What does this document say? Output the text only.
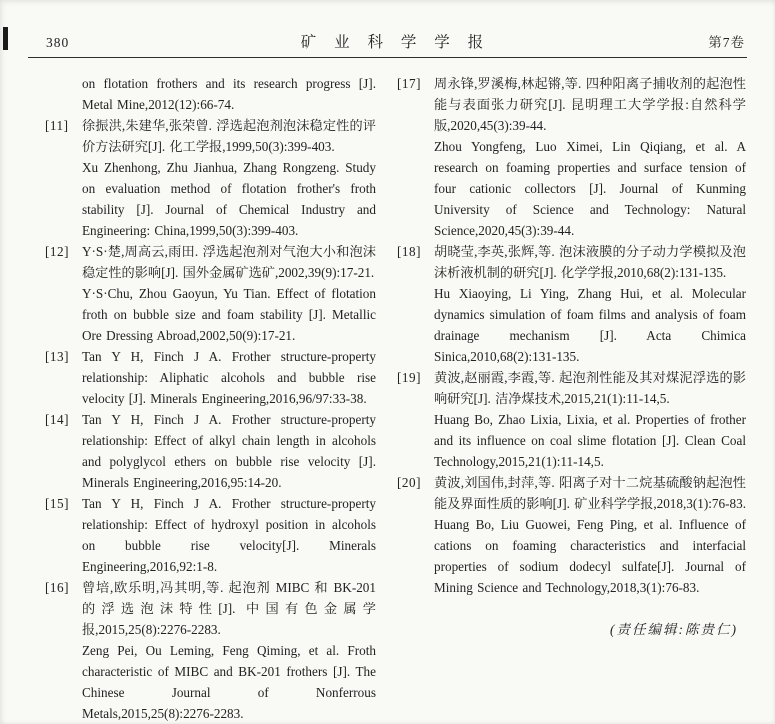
380	矿 业 科 学 学 报	第7卷

on flotation frothers and its research progress [J]. Metal Mine,2012(12):66-74.

[11] 徐振洪,朱建华,张荣曾. 浮选起泡剂泡沫稳定性的评价方法研究[J]. 化工学报,1999,50(3):399-403.

Xu Zhenhong, Zhu Jianhua, Zhang Rongzeng. Study on evaluation method of flotation frother's froth stability [J]. Journal of Chemical Industry and Engineering: China,1999,50(3):399-403.

[12] Y·S·楚,周高云,雨田. 浮选起泡剂对气泡大小和泡沫稳定性的影响[J]. 国外金属矿选矿,2002,39(9):17-21.

Y·S·Chu, Zhou Gaoyun, Yu Tian. Effect of flotation froth on bubble size and foam stability [J]. Metallic Ore Dressing Abroad,2002,50(9):17-21.

[13] Tan Y H, Finch J A. Frother structure-property relationship: Aliphatic alcohols and bubble rise velocity [J]. Minerals Engineering,2016,96/97:33-38.

[14] Tan Y H, Finch J A. Frother structure-property relationship: Effect of alkyl chain length in alcohols and polyglycol ethers on bubble rise velocity [J]. Minerals Engineering,2016,95:14-20.

[15] Tan Y H, Finch J A. Frother structure-property relationship: Effect of hydroxyl position in alcohols on bubble rise velocity[J]. Minerals Engineering,2016,92:1-8.

[16] 曾培,欧乐明,冯其明,等. 起泡剂 MIBC 和 BK-201 的浮选泡沫特性[J]. 中国有色金属学报,2015,25(8):2276-2283.

Zeng Pei, Ou Leming, Feng Qiming, et al. Froth characteristic of MIBC and BK-201 frothers [J]. The Chinese Journal of Nonferrous Metals,2015,25(8):2276-2283.

[17] 周永锋,罗溪梅,林起锵,等. 四种阳离子捕收剂的起泡性能与表面张力研究[J]. 昆明理工大学学报:自然科学版,2020,45(3):39-44.

Zhou Yongfeng, Luo Ximei, Lin Qiqiang, et al. A research on foaming properties and surface tension of four cationic collectors [J]. Journal of Kunming University of Science and Technology: Natural Science,2020,45(3):39-44.

[18] 胡晓莹,李英,张辉,等. 泡沫液膜的分子动力学模拟及泡沫析液机制的研究[J]. 化学学报,2010,68(2):131-135.

Hu Xiaoying, Li Ying, Zhang Hui, et al. Molecular dynamics simulation of foam films and analysis of foam drainage mechanism [J]. Acta Chimica Sinica,2010,68(2):131-135.

[19] 黄波,赵丽霞,李霞,等. 起泡剂性能及其对煤泥浮选的影响研究[J]. 洁净煤技术,2015,21(1):11-14,5.

Huang Bo, Zhao Lixia, Lixia, et al. Properties of frother and its influence on coal slime flotation [J]. Clean Coal Technology,2015,21(1):11-14,5.

[20] 黄波,刘国伟,封萍,等. 阳离子对十二烷基硫酸钠起泡性能及界面性质的影响[J]. 矿业科学学报,2018,3(1):76-83.

Huang Bo, Liu Guowei, Feng Ping, et al. Influence of cations on foaming characteristics and interfacial properties of sodium dodecyl sulfate[J]. Journal of Mining Science and Technology,2018,3(1):76-83.

(责任编辑:陈贵仁)
